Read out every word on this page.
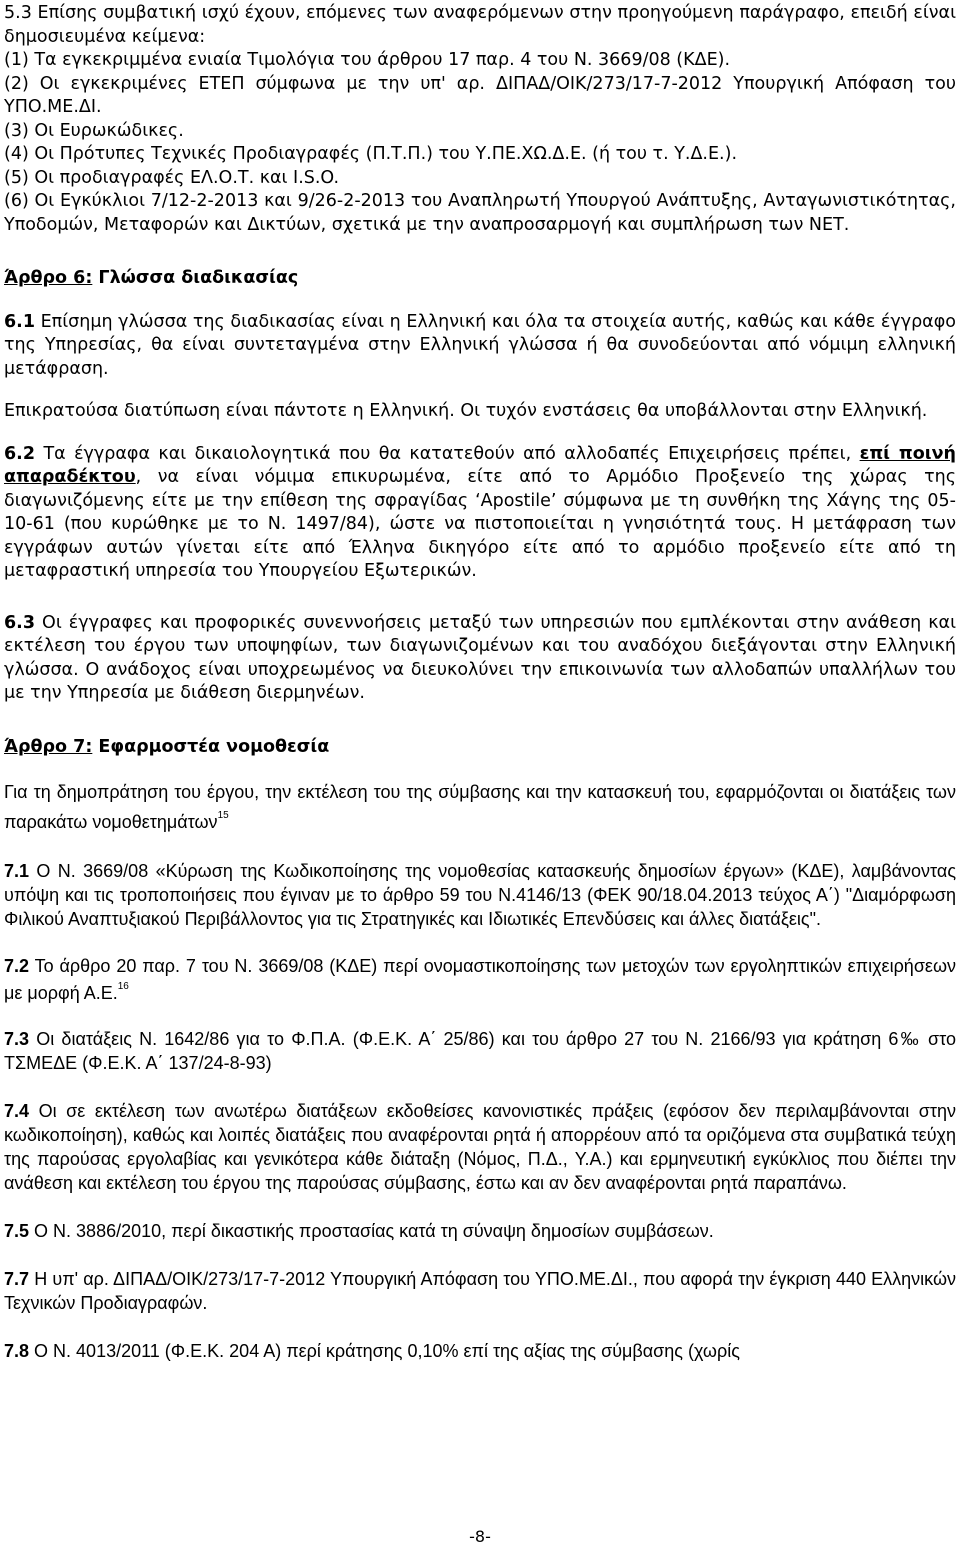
5.3 Επίσης συμβατική ισχύ έχουν, επόμενες των αναφερόμενων στην προηγούμενη παράγραφο, επειδή είναι δημοσιευμένα κείμενα:

(1) Τα εγκεκριμμένα ενιαία Τιμολόγια του άρθρου 17 παρ. 4 του Ν. 3669/08 (ΚΔΕ).

(2) Οι εγκεκριμένες ΕΤΕΠ σύμφωνα με την υπ' αρ. ΔΙΠΑΔ/ΟΙΚ/273/17-7-2012 Υπουργική Απόφαση του ΥΠΟ.ΜΕ.ΔΙ.

(3) Οι Ευρωκώδικες.

(4) Οι Πρότυπες Τεχνικές Προδιαγραφές (Π.Τ.Π.) του Υ.ΠΕ.ΧΩ.Δ.Ε. (ή του τ. Υ.Δ.Ε.).

(5) Οι προδιαγραφές ΕΛ.Ο.Τ. και Ι.S.O.

(6) Οι Εγκύκλιοι 7/12-2-2013 και 9/26-2-2013 του Αναπληρωτή Υπουργού Ανάπτυξης, Ανταγωνιστικότητας, Υποδομών, Μεταφορών και Δικτύων, σχετικά με την αναπροσαρμογή και συμπλήρωση των ΝΕΤ.

Άρθρο 6: Γλώσσα διαδικασίας

6.1 Επίσημη γλώσσα της διαδικασίας είναι η Ελληνική και όλα τα στοιχεία αυτής, καθώς και κάθε έγγραφο της Υπηρεσίας, θα είναι συντεταγμένα στην Ελληνική γλώσσα ή θα συνοδεύονται από νόμιμη ελληνική μετάφραση.

Επικρατούσα διατύπωση είναι πάντοτε η Ελληνική. Οι τυχόν ενστάσεις θα υποβάλλονται στην Ελληνική.

6.2 Τα έγγραφα και δικαιολογητικά που θα κατατεθούν από αλλοδαπές Επιχειρήσεις πρέπει, επί ποινή απαραδέκτου, να είναι νόμιμα επικυρωμένα, είτε από το Αρμόδιο Προξενείο της χώρας της διαγωνιζόμενης είτε με την επίθεση της σφραγίδας ‘Apostile’ σύμφωνα με τη συνθήκη της Χάγης της 05-10-61 (που κυρώθηκε με το Ν. 1497/84), ώστε να πιστοποιείται η γνησιότητά τους. Η μετάφραση των εγγράφων αυτών γίνεται είτε από Έλληνα δικηγόρο είτε από το αρμόδιο προξενείο είτε από τη μεταφραστική υπηρεσία του Υπουργείου Εξωτερικών.

6.3 Οι έγγραφες και προφορικές συνεννοήσεις μεταξύ των υπηρεσιών που εμπλέκονται στην ανάθεση και εκτέλεση του έργου των υποψηφίων, των διαγωνιζομένων και του αναδόχου διεξάγονται στην Ελληνική γλώσσα. Ο ανάδοχος είναι υποχρεωμένος να διευκολύνει την επικοινωνία των αλλοδαπών υπαλλήλων του με την Υπηρεσία με διάθεση διερμηνέων.

Άρθρο 7: Εφαρμοστέα νομοθεσία

Για τη δημοπράτηση του έργου, την εκτέλεση του της σύμβασης και την κατασκευή του, εφαρμόζονται οι διατάξεις των παρακάτω νομοθετημάτων$^{15}$

7.1 Ο Ν. 3669/08 «Κύρωση της Κωδικοποίησης της νομοθεσίας κατασκευής δημοσίων έργων» (ΚΔΕ), λαμβάνοντας υπόψη και τις τροποποιήσεις που έγιναν με το άρθρο 59 του Ν.4146/13 (ΦΕΚ 90/18.04.2013 τεύχος Α΄) "Διαμόρφωση Φιλικού Αναπτυξιακού Περιβάλλοντος για τις Στρατηγικές και Ιδιωτικές Επενδύσεις και άλλες διατάξεις".

7.2 Το άρθρο 20 παρ. 7 του Ν. 3669/08 (ΚΔΕ) περί ονομαστικοποίησης των μετοχών των εργοληπτικών επιχειρήσεων με μορφή Α.Ε.$^{16}$

7.3 Οι διατάξεις Ν. 1642/86 για το Φ.Π.Α. (Φ.Ε.Κ. Α΄ 25/86) και του άρθρο 27 του Ν. 2166/93 για κράτηση 6‰ στο ΤΣΜΕΔΕ (Φ.Ε.Κ. Α΄ 137/24-8-93)

7.4 Οι σε εκτέλεση των ανωτέρω διατάξεων εκδοθείσες κανονιστικές πράξεις (εφόσον δεν περιλαμβάνονται στην κωδικοποίηση), καθώς και λοιπές διατάξεις που αναφέρονται ρητά ή απορρέουν από τα οριζόμενα στα συμβατικά τεύχη της παρούσας εργολαβίας και γενικότερα κάθε διάταξη (Νόμος, Π.Δ., Υ.Α.) και ερμηνευτική εγκύκλιος που διέπει την ανάθεση και εκτέλεση του έργου της παρούσας σύμβασης, έστω και αν δεν αναφέρονται ρητά παραπάνω.

7.5 Ο Ν. 3886/2010, περί δικαστικής προστασίας κατά τη σύναψη δημοσίων συμβάσεων.

7.7 Η υπ' αρ. ΔΙΠΑΔ/ΟΙΚ/273/17-7-2012 Υπουργική Απόφαση του ΥΠΟ.ΜΕ.ΔΙ., που αφορά την έγκριση 440 Ελληνικών Τεχνικών Προδιαγραφών.

7.8 Ο Ν. 4013/2011 (Φ.Ε.Κ. 204 Α) περί κράτησης 0,10% επί της αξίας της σύμβασης (χωρίς

-8-
